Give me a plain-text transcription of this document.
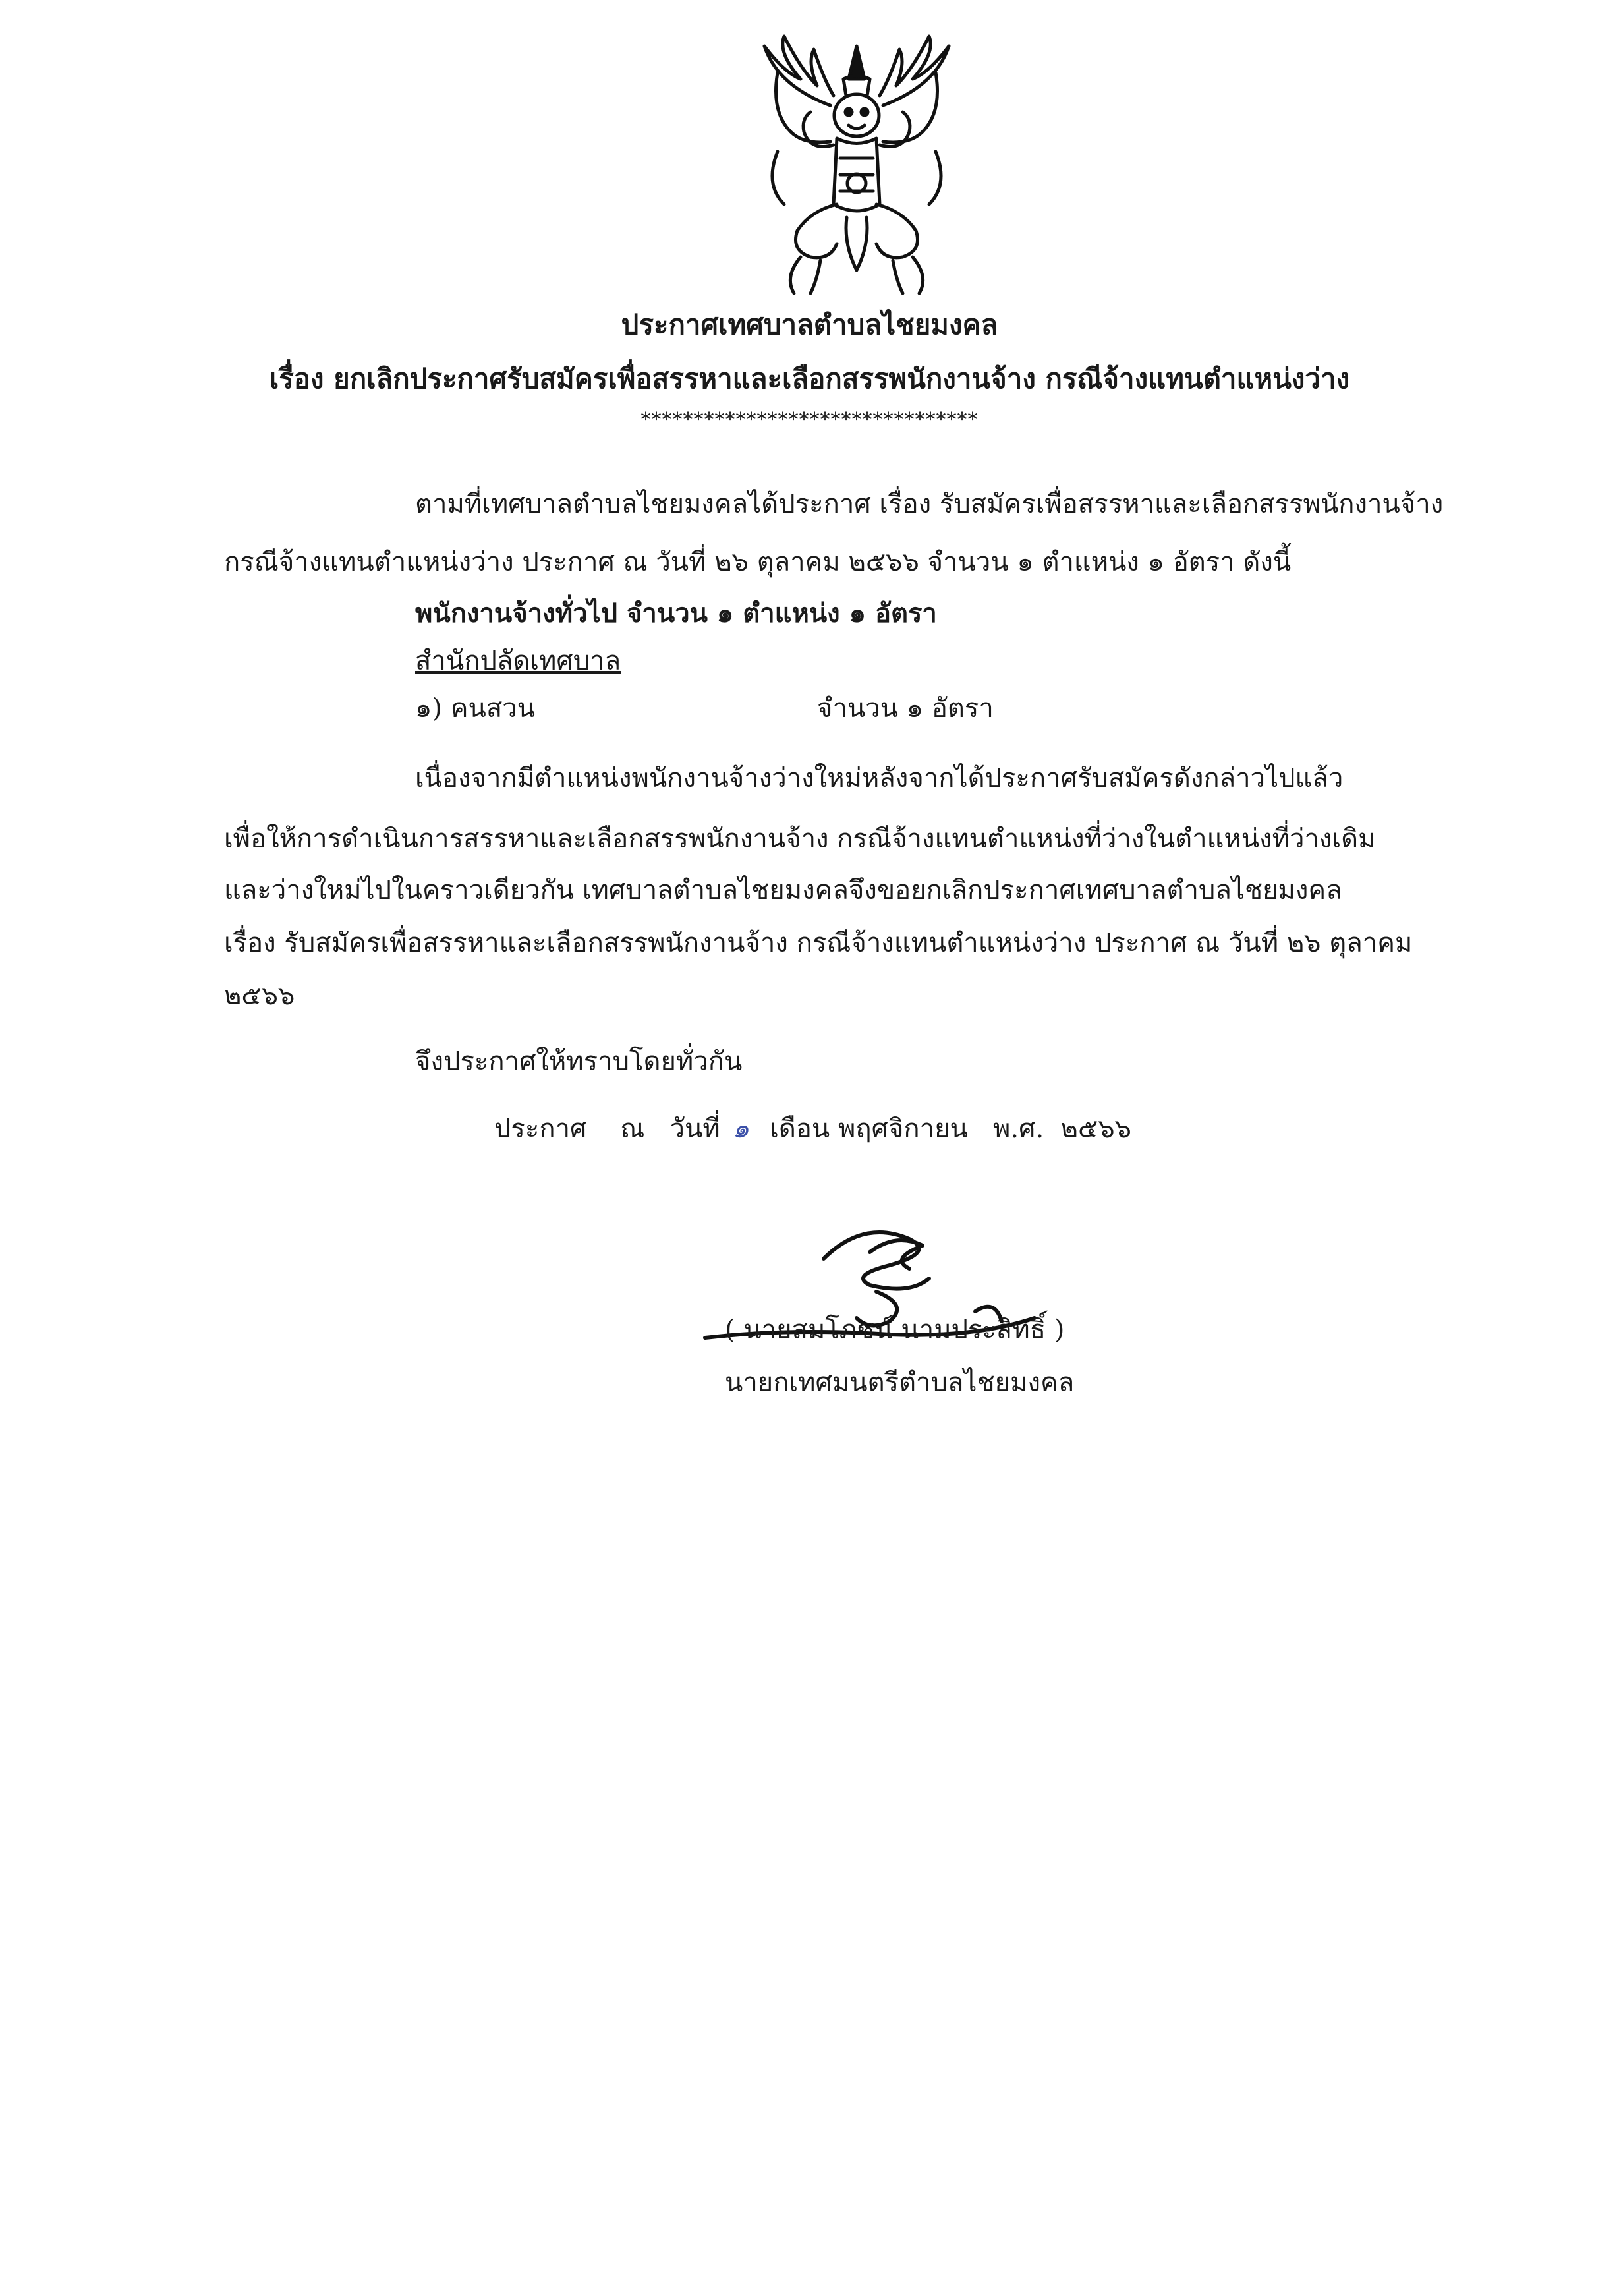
ประกาศเทศบาลตำบลไชยมงคล
เรื่อง ยกเลิกประกาศรับสมัครเพื่อสรรหาและเลือกสรรพนักงานจ้าง กรณีจ้างแทนตำแหน่งว่าง
********************************
ตามที่เทศบาลตำบลไชยมงคลได้ประกาศ เรื่อง รับสมัครเพื่อสรรหาและเลือกสรรพนักงานจ้าง
กรณีจ้างแทนตำแหน่งว่าง ประกาศ ณ วันที่ ๒๖ ตุลาคม ๒๕๖๖ จำนวน ๑ ตำแหน่ง ๑ อัตรา ดังนี้
พนักงานจ้างทั่วไป จำนวน ๑ ตำแหน่ง ๑ อัตรา
สำนักปลัดเทศบาล
๑) คนสวน	จำนวน ๑ อัตรา
เนื่องจากมีตำแหน่งพนักงานจ้างว่างใหม่หลังจากได้ประกาศรับสมัครดังกล่าวไปแล้ว
เพื่อให้การดำเนินการสรรหาและเลือกสรรพนักงานจ้าง กรณีจ้างแทนตำแหน่งที่ว่างในตำแหน่งที่ว่างเดิม
และว่างใหม่ไปในคราวเดียวกัน เทศบาลตำบลไชยมงคลจึงขอยกเลิกประกาศเทศบาลตำบลไชยมงคล
เรื่อง รับสมัครเพื่อสรรหาและเลือกสรรพนักงานจ้าง กรณีจ้างแทนตำแหน่งว่าง ประกาศ ณ วันที่ ๒๖ ตุลาคม
๒๕๖๖
จึงประกาศให้ทราบโดยทั่วกัน
ประกาศ    ณ   วันที่ ๑  เดือน พฤศจิกายน   พ.ศ.  ๒๕๖๖
( นายสมโภชน์ นามประสิทธิ์ )
นายกเทศมนตรีตำบลไชยมงคล
